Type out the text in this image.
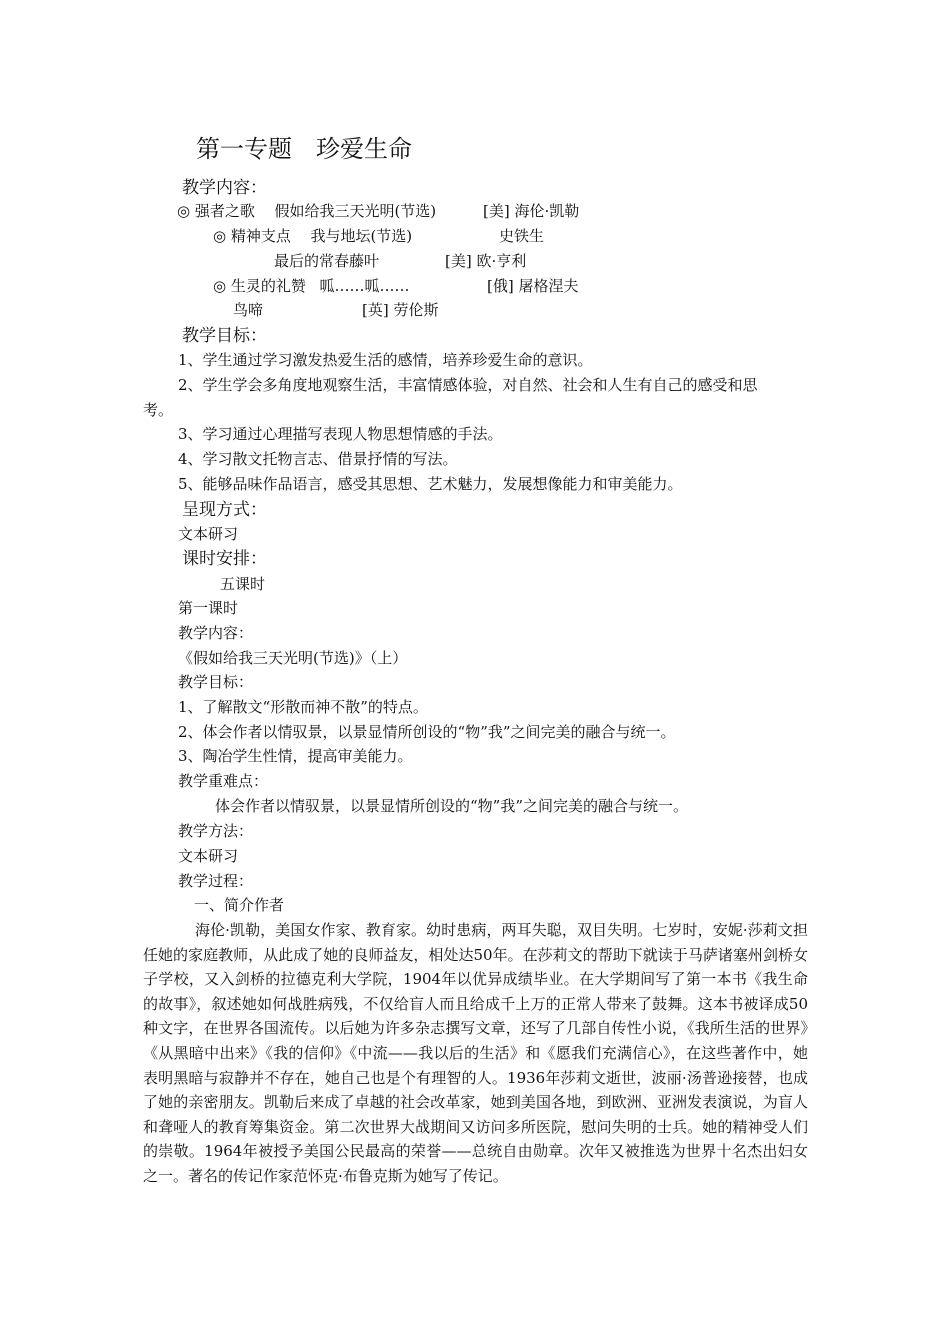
第一专题　珍爱生命
教学内容：
◎ 强者之歌 假如给我三天光明(节选)	[美] 海伦·凯勒
◎ 精神支点 我与地坛(节选)	史铁生
最后的常春藤叶	[美] 欧·亨利
◎ 生灵的礼赞 呱……呱……	[俄] 屠格涅夫
鸟啼	[英] 劳伦斯
教学目标：
1、学生通过学习激发热爱生活的感情，培养珍爱生命的意识。
2、学生学会多角度地观察生活，丰富情感体验，对自然、社会和人生有自己的感受和思
考。
3、学习通过心理描写表现人物思想情感的手法。
4、学习散文托物言志、借景抒情的写法。
5、能够品味作品语言，感受其思想、艺术魅力，发展想像能力和审美能力。
呈现方式：
文本研习
课时安排：
五课时
第一课时
教学内容：
《假如给我三天光明(节选)》（上）
教学目标：
1、了解散文“形散而神不散”的特点。
2、体会作者以情驭景，以景显情所创设的“物”我”之间完美的融合与统一。
3、陶冶学生性情，提高审美能力。
教学重难点：
体会作者以情驭景，以景显情所创设的“物”我”之间完美的融合与统一。
教学方法：
文本研习
教学过程：
一、简介作者
海伦·凯勒，美国女作家、教育家。幼时患病，两耳失聪，双目失明。七岁时，安妮·莎莉文担任她的家庭教师，从此成了她的良师益友，相处达50年。在莎莉文的帮助下就读于马萨诸塞州剑桥女子学校，又入剑桥的拉德克利大学院，1904年以优异成绩毕业。在大学期间写了第一本书《我生命的故事》，叙述她如何战胜病残，不仅给盲人而且给成千上万的正常人带来了鼓舞。这本书被译成50种文字，在世界各国流传。以后她为许多杂志撰写文章，还写了几部自传性小说，《我所生活的世界》《从黑暗中出来》《我的信仰》《中流——我以后的生活》和《愿我们充满信心》，在这些著作中，她表明黑暗与寂静并不存在，她自己也是个有理智的人。1936年莎莉文逝世，波丽·汤普逊接替，也成了她的亲密朋友。凯勒后来成了卓越的社会改革家，她到美国各地，到欧洲、亚洲发表演说，为盲人和聋哑人的教育筹集资金。第二次世界大战期间又访问多所医院，慰问失明的士兵。她的精神受人们的崇敬。1964年被授予美国公民最高的荣誉——总统自由勋章。次年又被推选为世界十名杰出妇女之一。著名的传记作家范怀克·布鲁克斯为她写了传记。
